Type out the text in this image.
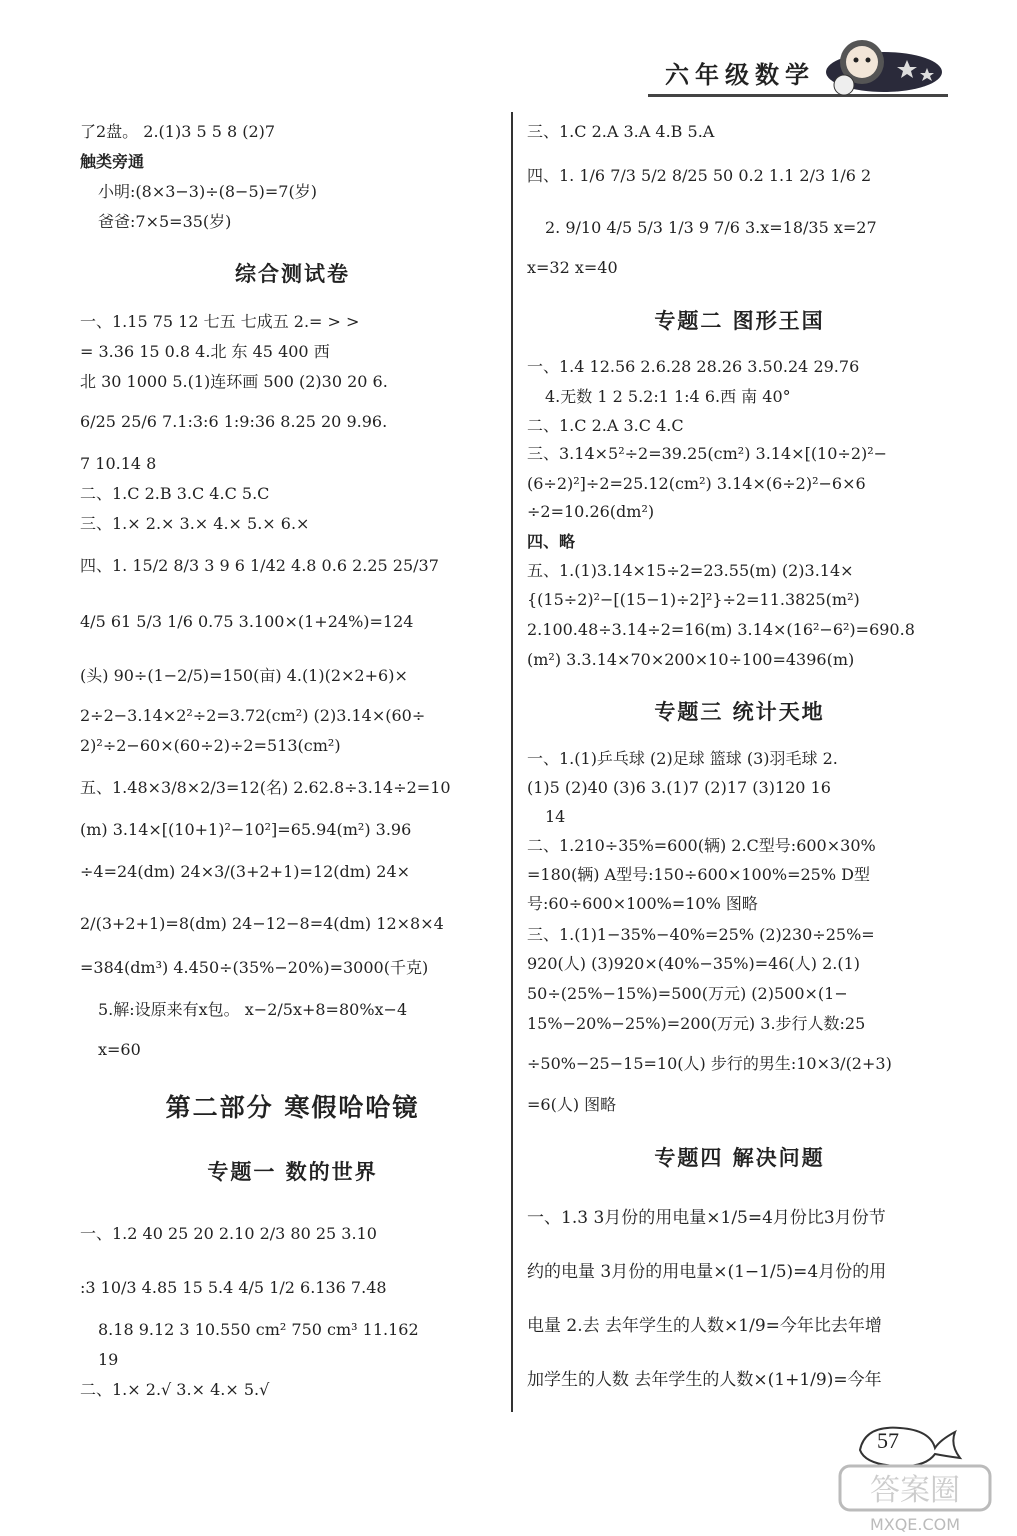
六年级数学
了2盘。 2.(1)3 5 5 8 (2)7
触类旁通
小明:(8×3−3)÷(8−5)=7(岁)
爸爸:7×5=35(岁)
综合测试卷
一、1.15 75 12 七五 七成五 2.= > >
= 3.36 15 0.8 4.北 东 45 400 西
北 30 1000 5.(1)连环画 500 (2)30 20 6.
6/25 25/6 7.1:3:6 1:9:36 8.25 20 9.96.
7 10.14 8
二、1.C 2.B 3.C 4.C 5.C
三、1.× 2.× 3.× 4.× 5.× 6.×
四、1. 15/2 8/3 3 9 6 1/42 4.8 0.6 2.25 25/37
4/5 61 5/3 1/6 0.75 3.100×(1+24%)=124
(头) 90÷(1−2/5)=150(亩) 4.(1)(2×2+6)×
2÷2−3.14×2²÷2=3.72(cm²) (2)3.14×(60÷
2)²÷2−60×(60÷2)÷2=513(cm²)
五、1.48×3/8×2/3=12(名) 2.62.8÷3.14÷2=10
(m) 3.14×[(10+1)²−10²]=65.94(m²) 3.96
÷4=24(dm) 24×3/(3+2+1)=12(dm) 24×
2/(3+2+1)=8(dm) 24−12−8=4(dm) 12×8×4
=384(dm³) 4.450÷(35%−20%)=3000(千克)
5.解:设原来有x包。 x−2/5x+8=80%x−4
x=60
第二部分 寒假哈哈镜
专题一 数的世界
一、1.2 40 25 20 2.10 2/3 80 25 3.10
:3 10/3 4.85 15 5.4 4/5 1/2 6.136 7.48
8.18 9.12 3 10.550 cm² 750 cm³ 11.162
19
二、1.× 2.√ 3.× 4.× 5.√
三、1.C 2.A 3.A 4.B 5.A
四、1. 1/6 7/3 5/2 8/25 50 0.2 1.1 2/3 1/6 2
2. 9/10 4/5 5/3 1/3 9 7/6 3.x=18/35 x=27
x=32 x=40
专题二 图形王国
一、1.4 12.56 2.6.28 28.26 3.50.24 29.76
4.无数 1 2 5.2:1 1:4 6.西 南 40°
二、1.C 2.A 3.C 4.C
三、3.14×5²÷2=39.25(cm²) 3.14×[(10÷2)²−
(6÷2)²]÷2=25.12(cm²) 3.14×(6÷2)²−6×6
÷2=10.26(dm²)
四、略
五、1.(1)3.14×15÷2=23.55(m) (2)3.14×
{(15÷2)²−[(15−1)÷2]²}÷2=11.3825(m²)
2.100.48÷3.14÷2=16(m) 3.14×(16²−6²)=690.8
(m²) 3.3.14×70×200×10÷100=4396(m)
专题三 统计天地
一、1.(1)乒乓球 (2)足球 篮球 (3)羽毛球 2.
(1)5 (2)40 (3)6 3.(1)7 (2)17 (3)120 16
14
二、1.210÷35%=600(辆) 2.C型号:600×30%
=180(辆) A型号:150÷600×100%=25% D型
号:60÷600×100%=10% 图略
三、1.(1)1−35%−40%=25% (2)230÷25%=
920(人) (3)920×(40%−35%)=46(人) 2.(1)
50÷(25%−15%)=500(万元) (2)500×(1−
15%−20%−25%)=200(万元) 3.步行人数:25
÷50%−25−15=10(人) 步行的男生:10×3/(2+3)
=6(人) 图略
专题四 解决问题
一、1.3 3月份的用电量×1/5=4月份比3月份节
约的电量 3月份的用电量×(1−1/5)=4月份的用
电量 2.去 去年学生的人数×1/9=今年比去年增
加学生的人数 去年学生的人数×(1+1/9)=今年
57
答案圈
MXQE.COM
